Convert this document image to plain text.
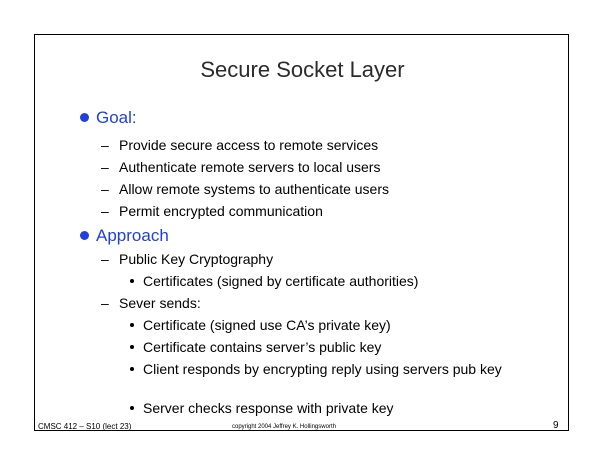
Secure Socket Layer
Goal:
– Provide secure access to remote services
– Authenticate remote servers to local users
– Allow remote systems to authenticate users
– Permit encrypted communication
Approach
– Public Key Cryptography
Certificates (signed by certificate authorities)
– Sever sends:
Certificate (signed use CA’s private key)
Certificate contains server’s public key
Client responds by encrypting reply using servers pub key
Server checks response with private key
CMSC 412 – S10 (lect 23)	copyright 2004 Jeffrey K. Hollingsworth	9
